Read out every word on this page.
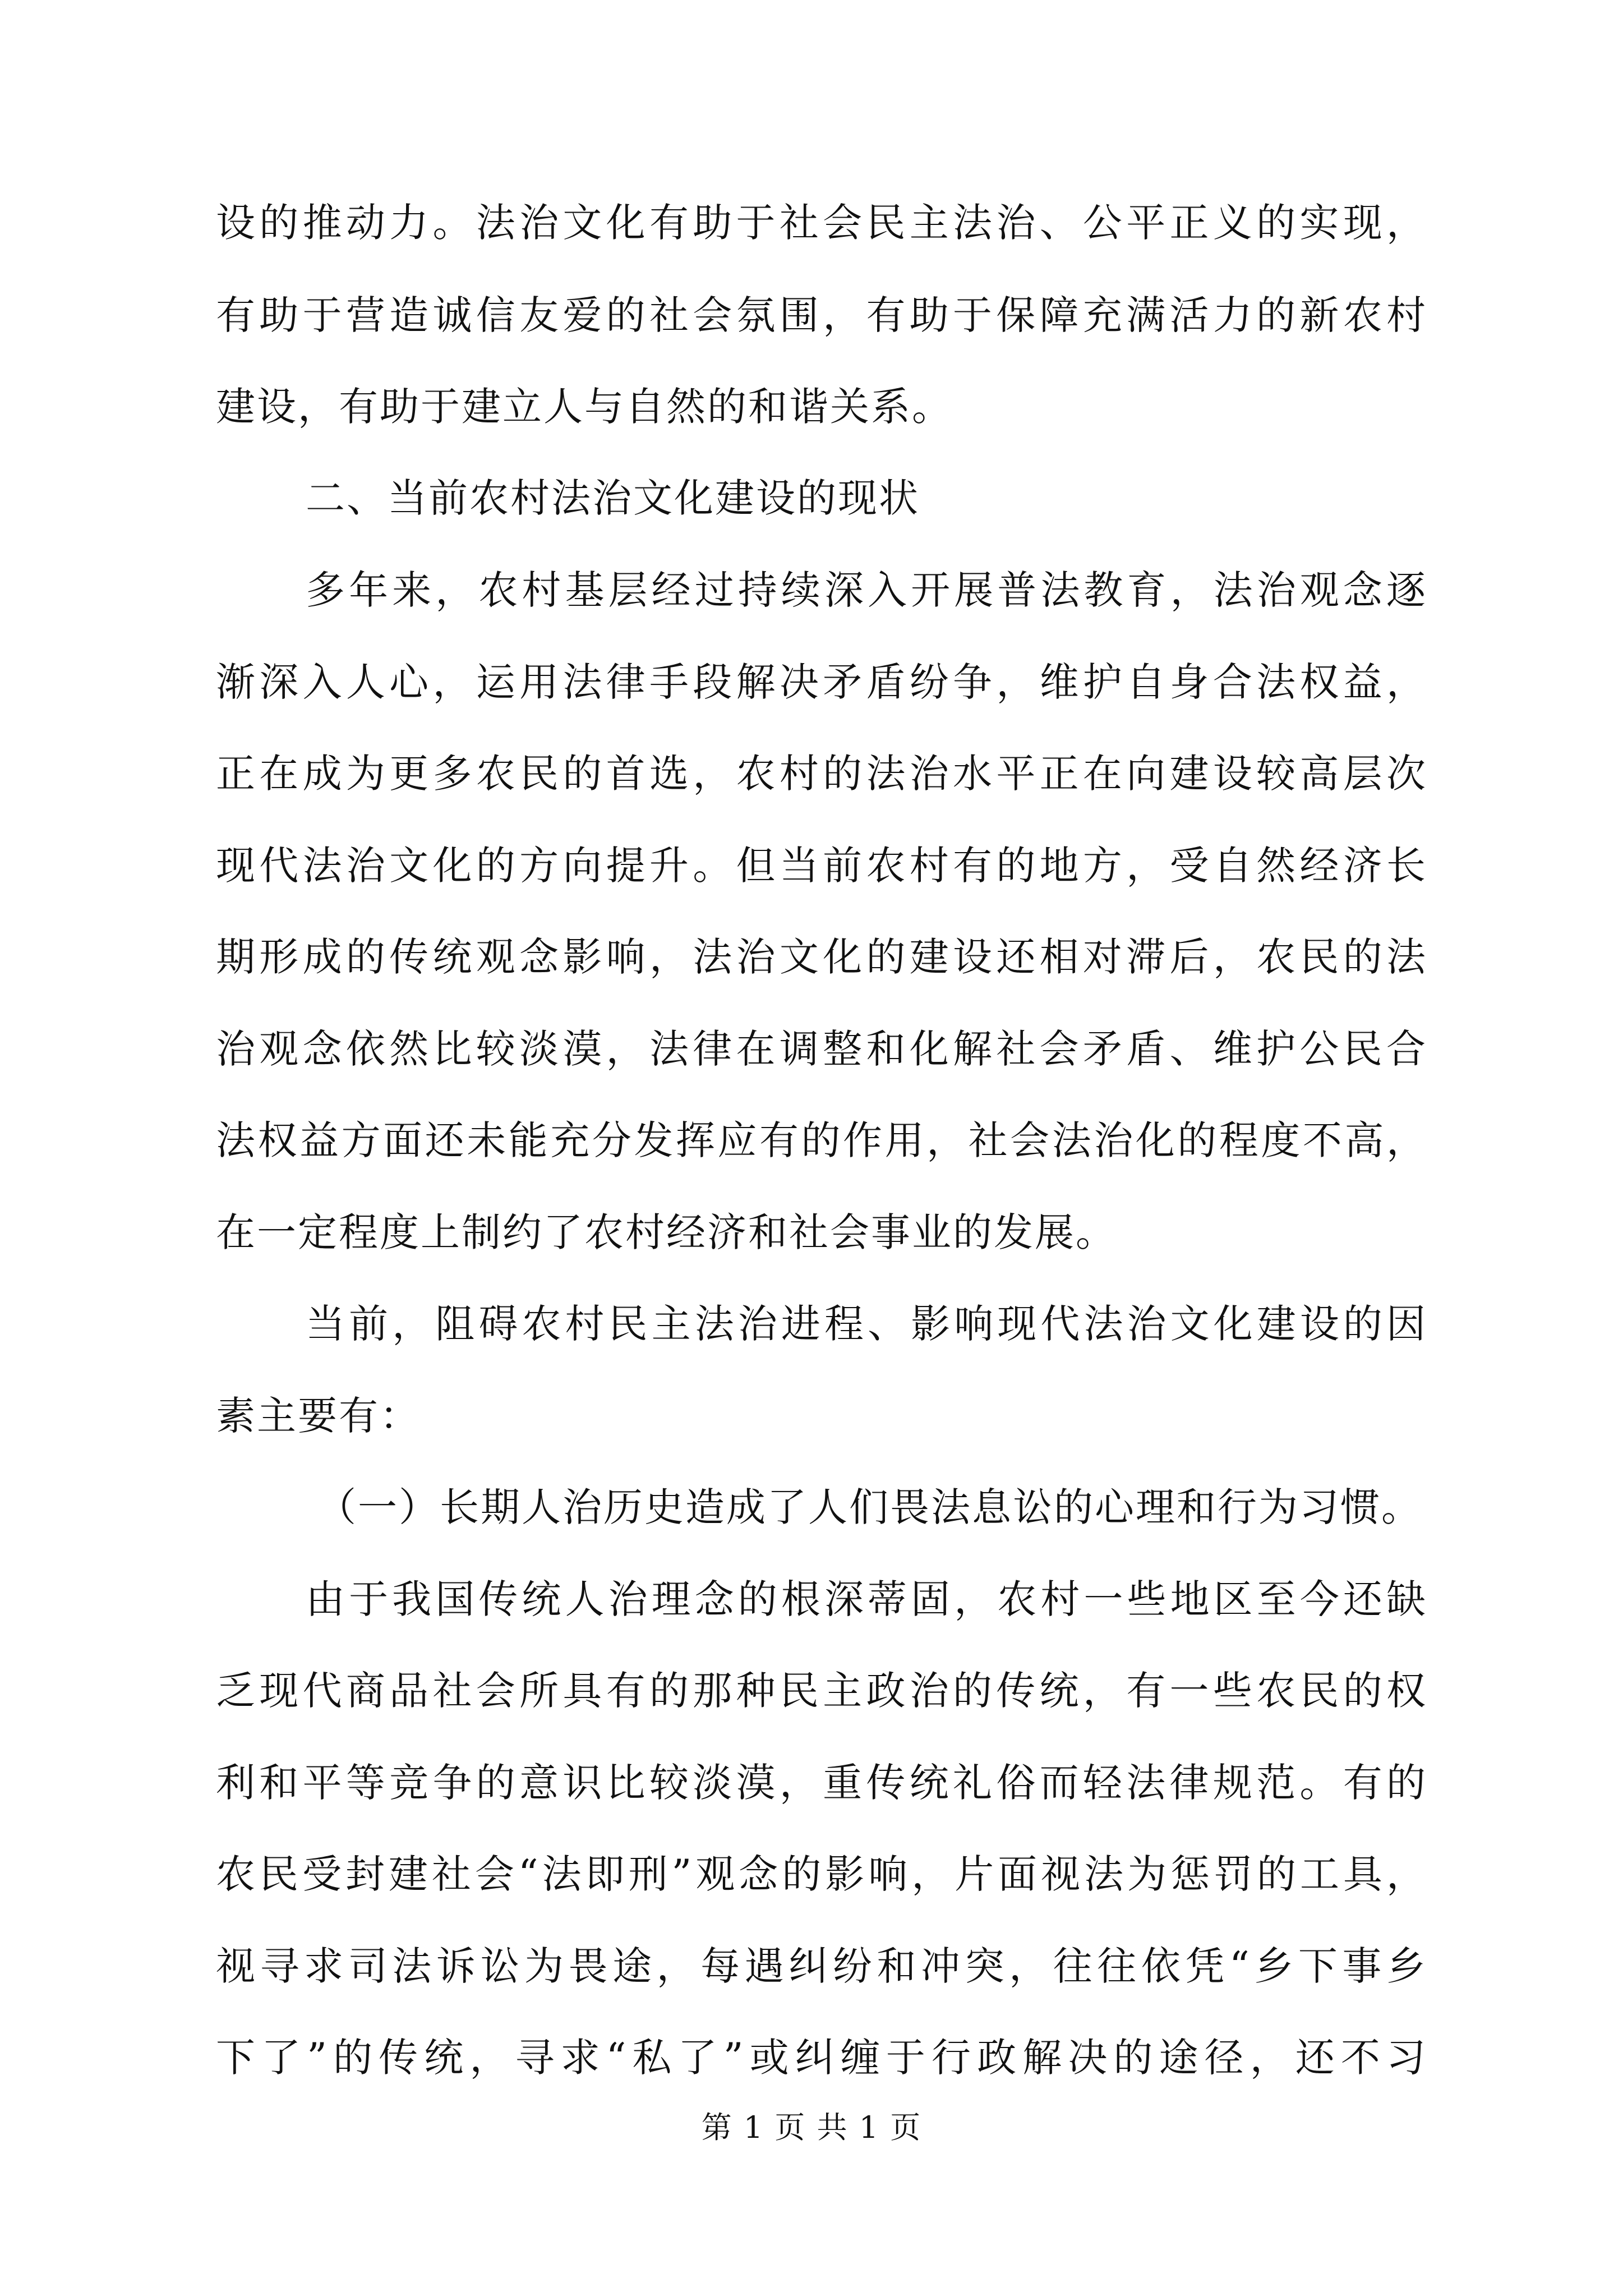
设的推动力。法治文化有助于社会民主法治、公平正义的实现，
有助于营造诚信友爱的社会氛围，有助于保障充满活力的新农村
建设，有助于建立人与自然的和谐关系。
二、当前农村法治文化建设的现状
多年来，农村基层经过持续深入开展普法教育，法治观念逐
渐深入人心，运用法律手段解决矛盾纷争，维护自身合法权益，
正在成为更多农民的首选，农村的法治水平正在向建设较高层次
现代法治文化的方向提升。但当前农村有的地方，受自然经济长
期形成的传统观念影响，法治文化的建设还相对滞后，农民的法
治观念依然比较淡漠，法律在调整和化解社会矛盾、维护公民合
法权益方面还未能充分发挥应有的作用，社会法治化的程度不高，
在一定程度上制约了农村经济和社会事业的发展。
当前，阻碍农村民主法治进程、影响现代法治文化建设的因
素主要有：
（一）长期人治历史造成了人们畏法息讼的心理和行为习惯。
由于我国传统人治理念的根深蒂固，农村一些地区至今还缺
乏现代商品社会所具有的那种民主政治的传统，有一些农民的权
利和平等竞争的意识比较淡漠，重传统礼俗而轻法律规范。有的
农民受封建社会“法即刑”观念的影响，片面视法为惩罚的工具，
视寻求司法诉讼为畏途，每遇纠纷和冲突，往往依凭“乡下事乡
下了”的传统，寻求“私了”或纠缠于行政解决的途径，还不习
第 1 页 共 1 页
